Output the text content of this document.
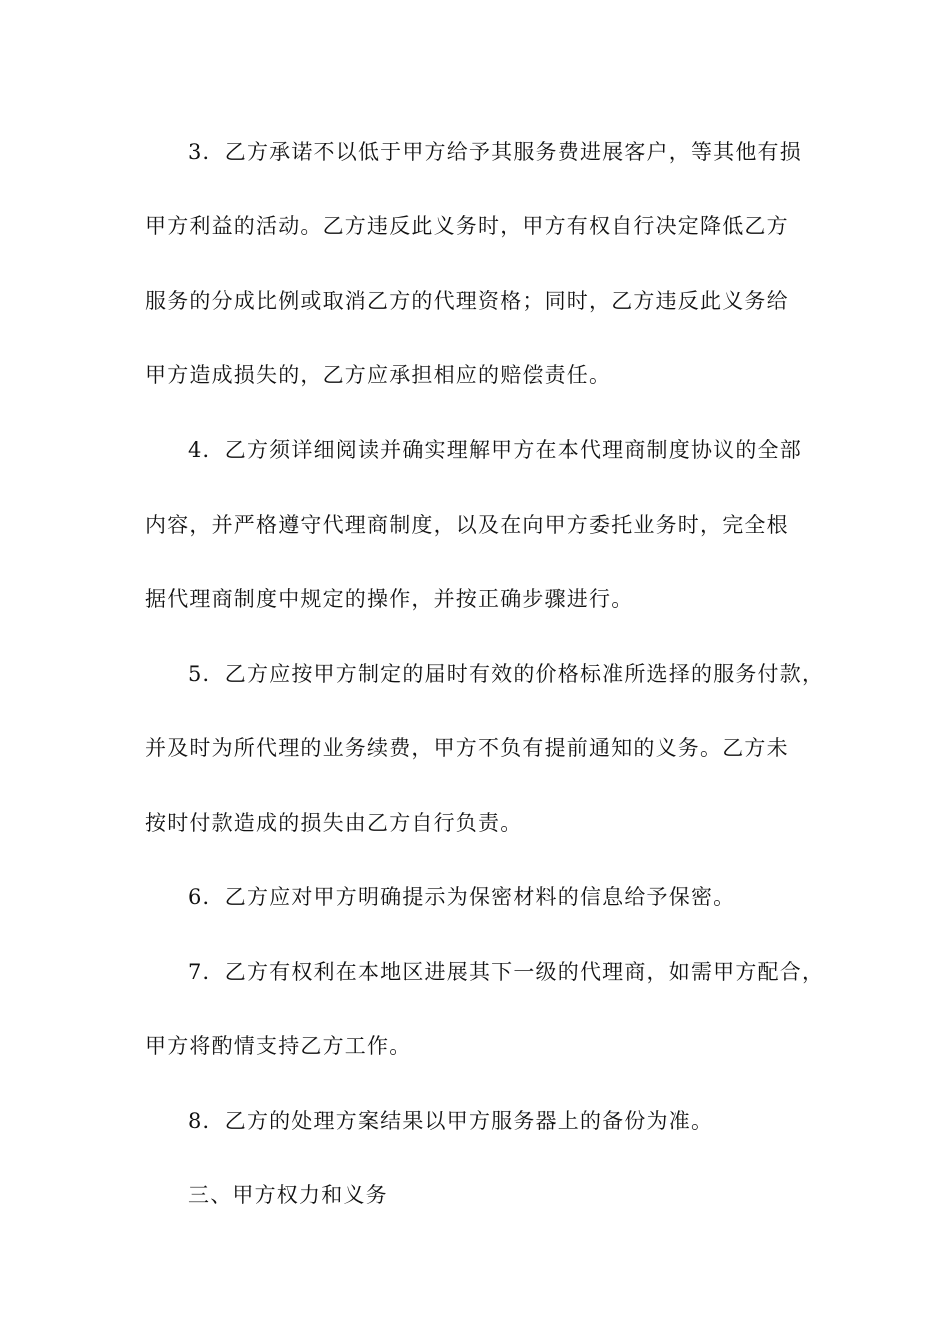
3．乙方承诺不以低于甲方给予其服务费进展客户，等其他有损
甲方利益的活动。乙方违反此义务时，甲方有权自行决定降低乙方
服务的分成比例或取消乙方的代理资格；同时，乙方违反此义务给
甲方造成损失的，乙方应承担相应的赔偿责任。
4．乙方须详细阅读并确实理解甲方在本代理商制度协议的全部
内容，并严格遵守代理商制度，以及在向甲方委托业务时，完全根
据代理商制度中规定的操作，并按正确步骤进行。
5．乙方应按甲方制定的届时有效的价格标准所选择的服务付款，
并及时为所代理的业务续费，甲方不负有提前通知的义务。乙方未
按时付款造成的损失由乙方自行负责。
6．乙方应对甲方明确提示为保密材料的信息给予保密。
7．乙方有权利在本地区进展其下一级的代理商，如需甲方配合，
甲方将酌情支持乙方工作。
8．乙方的处理方案结果以甲方服务器上的备份为准。
三、甲方权力和义务
